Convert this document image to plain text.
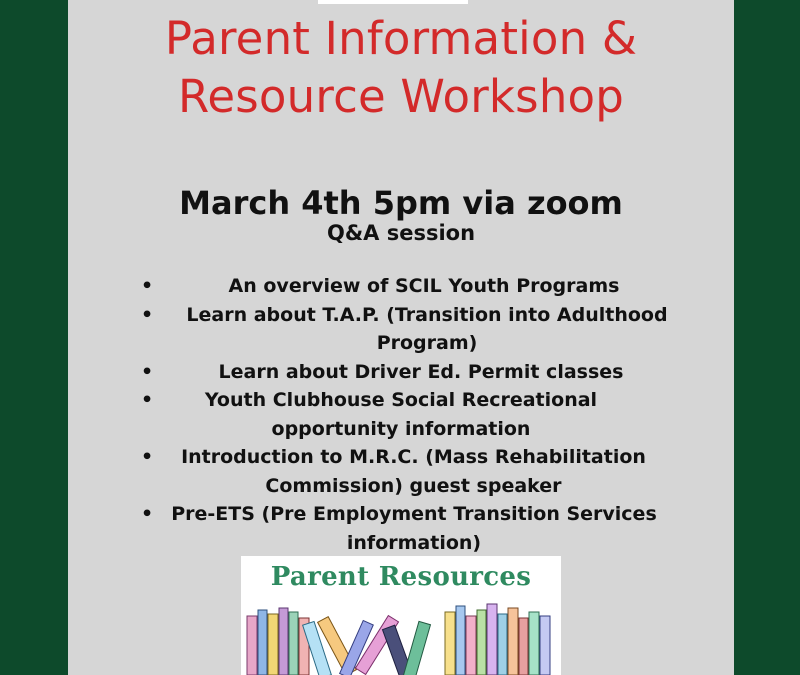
Parent Information &
Resource Workshop
March 4th 5pm via zoom
Q&A session
•	An overview of SCIL Youth Programs
• Learn about T.A.P. (Transition into Adulthood Program)
•	Learn about Driver Ed. Permit classes
•	Youth Clubhouse Social Recreational opportunity information
• Introduction to M.R.C. (Mass Rehabilitation Commission) guest speaker
• Pre-ETS (Pre Employment Transition Services information)
Parent Resources
